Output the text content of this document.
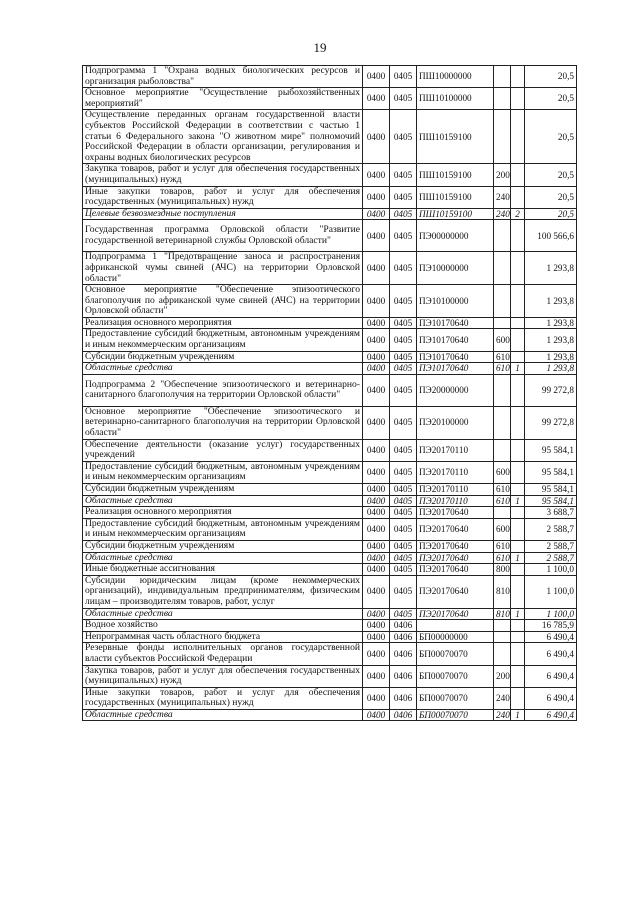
19
Подпрограмма 1 "Охрана водных биологических ресурсов и организация рыболовства"	0400	0405	ПШ10000000			20,5
Основное мероприятие "Осуществление рыбохозяйственных мероприятий"	0400	0405	ПШ10100000			20,5
Осуществление переданных органам государственной власти субъектов Российской Федерации в соответствии с частью 1 статьи 6 Федерального закона "О животном мире" полномочий Российской Федерации в области организации, регулирования и охраны водных биологических ресурсов	0400	0405	ПШ10159100			20,5
Закупка товаров, работ и услуг для обеспечения государственных (муниципальных) нужд	0400	0405	ПШ10159100	200		20,5
Иные закупки товаров, работ и услуг для обеспечения государственных (муниципальных) нужд	0400	0405	ПШ10159100	240		20,5
Целевые безвозмездные поступления	0400	0405	ПШ10159100	240	2	20,5
Государственная программа Орловской области "Развитие государственной ветеринарной службы Орловской области"	0400	0405	ПЭ00000000			100 566,6
Подпрограмма 1 "Предотвращение заноса и распространения африканской чумы свиней (АЧС) на территории Орловской области"	0400	0405	ПЭ10000000			1 293,8
Основное мероприятие "Обеспечение эпизоотического благополучия по африканской чуме свиней (АЧС) на территории Орловской области"	0400	0405	ПЭ10100000			1 293,8
Реализация основного мероприятия	0400	0405	ПЭ10170640			1 293,8
Предоставление субсидий бюджетным, автономным учреждениям и иным некоммерческим организациям	0400	0405	ПЭ10170640	600		1 293,8
Субсидии бюджетным учреждениям	0400	0405	ПЭ10170640	610		1 293,8
Областные средства	0400	0405	ПЭ10170640	610	1	1 293,8
Подпрограмма 2 "Обеспечение эпизоотического и ветеринарно-санитарного благополучия на территории Орловской области"	0400	0405	ПЭ20000000			99 272,8
Основное мероприятие "Обеспечение эпизоотического и ветеринарно-санитарного благополучия на территории Орловской области"	0400	0405	ПЭ20100000			99 272,8
Обеспечение деятельности (оказание услуг) государственных учреждений	0400	0405	ПЭ20170110			95 584,1
Предоставление субсидий бюджетным, автономным учреждениям и иным некоммерческим организациям	0400	0405	ПЭ20170110	600		95 584,1
Субсидии бюджетным учреждениям	0400	0405	ПЭ20170110	610		95 584,1
Областные средства	0400	0405	ПЭ20170110	610	1	95 584,1
Реализация основного мероприятия	0400	0405	ПЭ20170640			3 688,7
Предоставление субсидий бюджетным, автономным учреждениям и иным некоммерческим организациям	0400	0405	ПЭ20170640	600		2 588,7
Субсидии бюджетным учреждениям	0400	0405	ПЭ20170640	610		2 588,7
Областные средства	0400	0405	ПЭ20170640	610	1	2 588,7
Иные бюджетные ассигнования	0400	0405	ПЭ20170640	800		1 100,0
Субсидии юридическим лицам (кроме некоммерческих организаций), индивидуальным предпринимателям, физическим лицам – производителям товаров, работ, услуг	0400	0405	ПЭ20170640	810		1 100,0
Областные средства	0400	0405	ПЭ20170640	810	1	1 100,0
Водное хозяйство	0400	0406				16 785,9
Непрограммная часть областного бюджета	0400	0406	БП00000000			6 490,4
Резервные фонды исполнительных органов государственной власти субъектов Российской Федерации	0400	0406	БП00070070			6 490,4
Закупка товаров, работ и услуг для обеспечения государственных (муниципальных) нужд	0400	0406	БП00070070	200		6 490,4
Иные закупки товаров, работ и услуг для обеспечения государственных (муниципальных) нужд	0400	0406	БП00070070	240		6 490,4
Областные средства	0400	0406	БП00070070	240	1	6 490,4
